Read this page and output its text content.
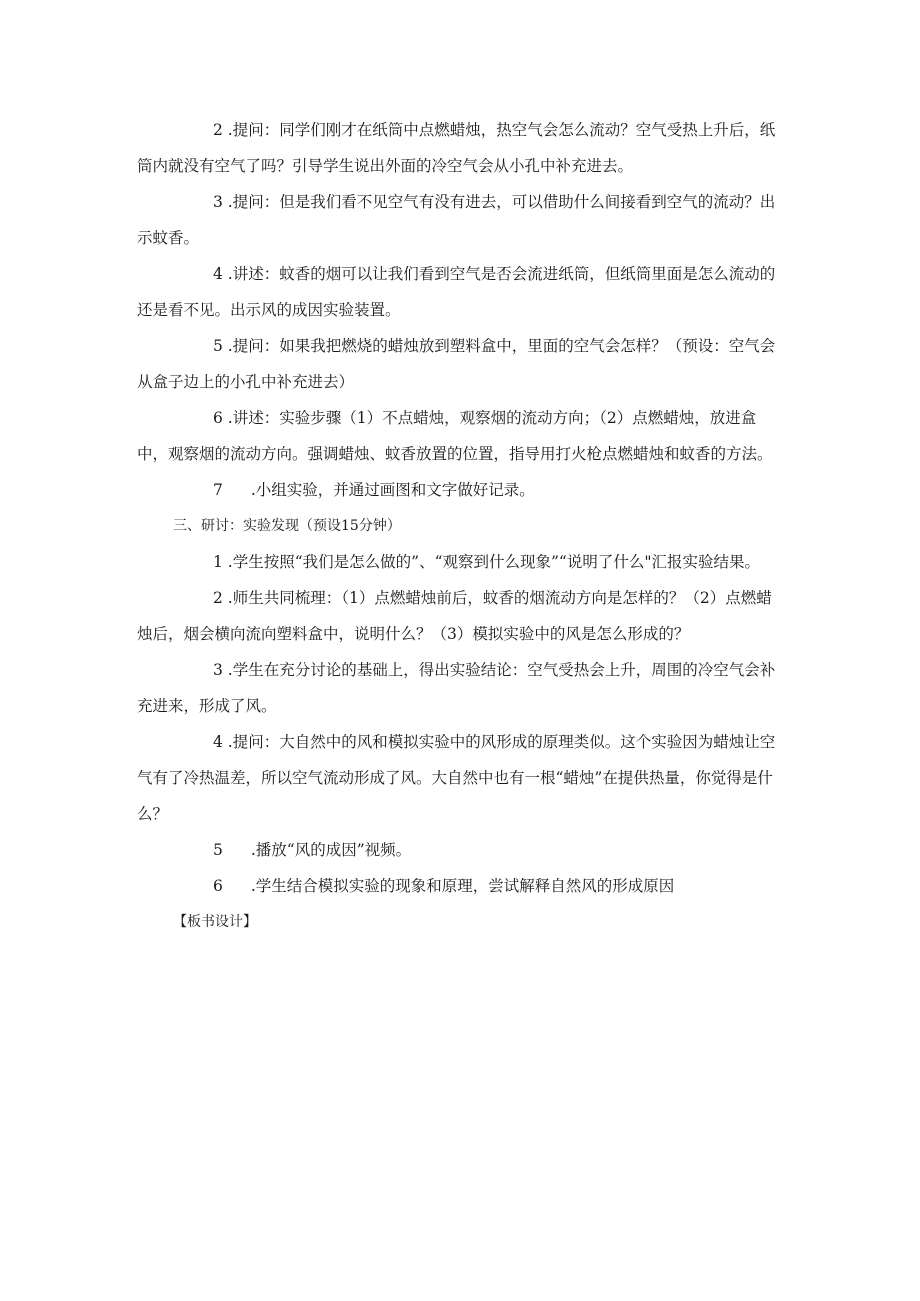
2 .提问：同学们刚才在纸筒中点燃蜡烛，热空气会怎么流动？空气受热上升后，纸筒内就没有空气了吗？引导学生说出外面的冷空气会从小孔中补充进去。

3 .提问：但是我们看不见空气有没有进去，可以借助什么间接看到空气的流动？出示蚊香。

4 .讲述：蚊香的烟可以让我们看到空气是否会流进纸筒，但纸筒里面是怎么流动的还是看不见。出示风的成因实验装置。

5 .提问：如果我把燃烧的蜡烛放到塑料盒中，里面的空气会怎样？（预设：空气会从盒子边上的小孔中补充进去）

6 .讲述：实验步骤（1）不点蜡烛，观察烟的流动方向；（2）点燃蜡烛，放进盒中，观察烟的流动方向。强调蜡烛、蚊香放置的位置，指导用打火枪点燃蜡烛和蚊香的方法。

7 .小组实验，并通过画图和文字做好记录。

三、研讨：实验发现（预设15分钟）

1 .学生按照“我们是怎么做的”、“观察到什么现象”“说明了什么"汇报实验结果。

2 .师生共同梳理：（1）点燃蜡烛前后，蚊香的烟流动方向是怎样的？（2）点燃蜡烛后，烟会横向流向塑料盒中，说明什么？（3）模拟实验中的风是怎么形成的？

3 .学生在充分讨论的基础上，得出实验结论：空气受热会上升，周围的冷空气会补充进来，形成了风。

4 .提问：大自然中的风和模拟实验中的风形成的原理类似。这个实验因为蜡烛让空气有了冷热温差，所以空气流动形成了风。大自然中也有一根“蜡烛”在提供热量，你觉得是什么？

5 .播放“风的成因”视频。

6 .学生结合模拟实验的现象和原理，尝试解释自然风的形成原因

【板书设计】
